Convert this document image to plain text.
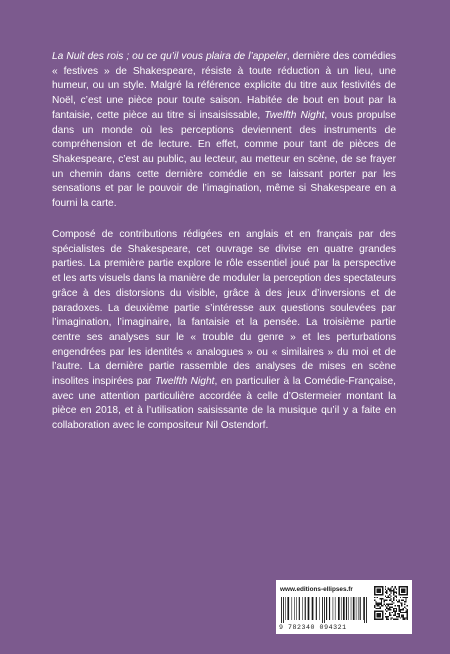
La Nuit des rois ; ou ce qu’il vous plaira de l’appeler, dernière des comédies « festives » de Shakespeare, résiste à toute réduction à un lieu, une humeur, ou un style. Malgré la référence explicite du titre aux festivités de Noël, c’est une pièce pour toute saison. Habitée de bout en bout par la fantaisie, cette pièce au titre si insaisissable, Twelfth Night, vous propulse dans un monde où les perceptions deviennent des instruments de compréhension et de lecture. En effet, comme pour tant de pièces de Shakespeare, c’est au public, au lecteur, au metteur en scène, de se frayer un chemin dans cette dernière comédie en se laissant porter par les sensations et par le pouvoir de l’imagination, même si Shakespeare en a fourni la carte.

Composé de contributions rédigées en anglais et en français par des spécialistes de Shakespeare, cet ouvrage se divise en quatre grandes parties. La première partie explore le rôle essentiel joué par la perspective et les arts visuels dans la manière de moduler la perception des spectateurs grâce à des distorsions du visible, grâce à des jeux d’inversions et de paradoxes. La deuxième partie s’intéresse aux questions soulevées par l’imagination, l’imaginaire, la fantaisie et la pensée. La troisième partie centre ses analyses sur le « trouble du genre » et les perturbations engendrées par les identités « analogues » ou « similaires » du moi et de l’autre. La dernière partie rassemble des analyses de mises en scène insolites inspirées par Twelfth Night, en particulier à la Comédie-Française, avec une attention particulière accordée à celle d’Ostermeier montant la pièce en 2018, et à l’utilisation saisissante de la musique qu’il y a faite en collaboration avec le compositeur Nil Ostendorf.

www.editions-ellipses.fr
9 782340 094321
